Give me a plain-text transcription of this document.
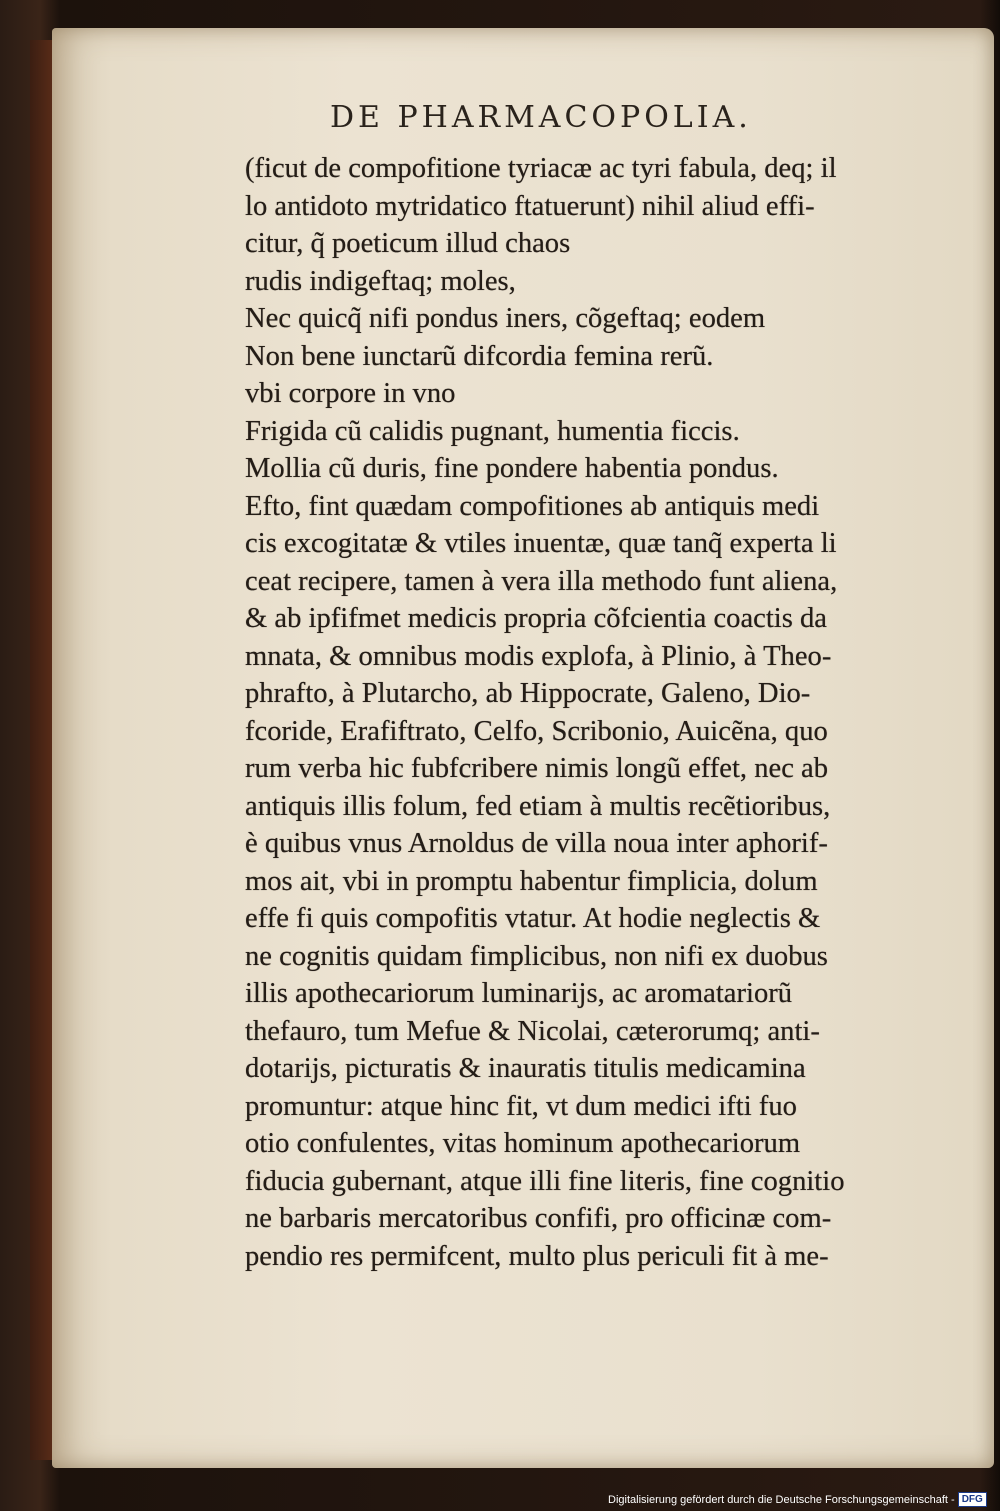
DE PHARMACOPOLIA.
(ficut de compofitione tyriacæ ac tyri fabula, deq; il
lo antidoto mytridatico ftatuerunt) nihil aliud effi-
citur, q̃ poeticum illud chaos
rudis indigeftaq; moles,
Nec quicq̃ nifi pondus iners, cõgeftaq; eodem
Non bene iunctarũ difcordia femina rerũ.
vbi corpore in vno
Frigida cũ calidis pugnant, humentia ficcis.
Mollia cũ duris, fine pondere habentia pondus.
Efto, fint quædam compofitiones ab antiquis medi
cis excogitatæ & vtiles inuentæ, quæ tanq̃ experta li
ceat recipere, tamen à vera illa methodo funt aliena,
& ab ipfifmet medicis propria cõfcientia coactis da
mnata, & omnibus modis explofa, à Plinio, à Theo-
phrafto, à Plutarcho, ab Hippocrate, Galeno, Dio-
fcoride, Erafiftrato, Celfo, Scribonio, Auicẽna, quo
rum verba hic fubfcribere nimis longũ effet, nec ab
antiquis illis folum, fed etiam à multis recẽtioribus,
è quibus vnus Arnoldus de villa noua inter aphorif-
mos ait, vbi in promptu habentur fimplicia, dolum
effe fi quis compofitis vtatur. At hodie neglectis &
ne cognitis quidam fimplicibus, non nifi ex duobus
illis apothecariorum luminarijs, ac aromatariorũ
thefauro, tum Mefue & Nicolai, cæterorumq; anti-
dotarijs, picturatis & inauratis titulis medicamina
promuntur: atque hinc fit, vt dum medici ifti fuo
otio confulentes, vitas hominum apothecariorum
fiducia gubernant, atque illi fine literis, fine cognitio
ne barbaris mercatoribus confifi, pro officinæ com-
pendio res permifcent, multo plus periculi fit à me-
Digitalisierung gefördert durch die Deutsche Forschungsgemeinschaft - DFG
